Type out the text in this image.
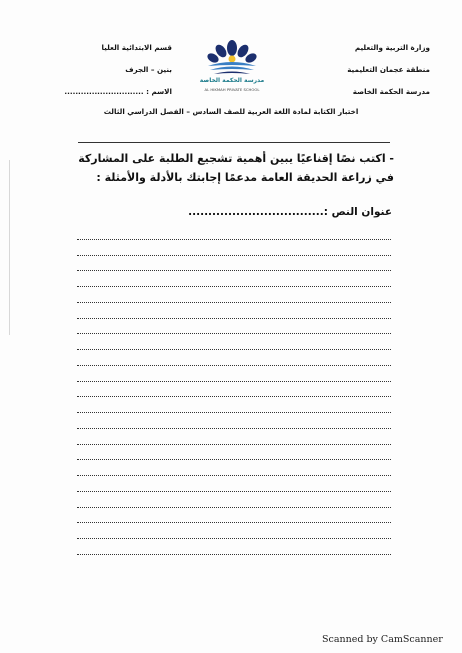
وزارة التربية والتعليم
منطقة عجمان التعليمية
مدرسة الحكمة الخاصة
مدرسة الحكمة الخاصة
AL HIKMAH PRIVATE SCHOOL
قسم الابتدائية العليا
بنين – الجرف
الاسم : .............................
اختبار الكتابة لمادة اللغة العربية للصف السادس – الفصل الدراسي الثالث
- اكتب نصًا إقناعيًا يبين أهمية تشجيع الطلبة على المشاركة في زراعة الحديقة العامة مدعمًا إجابتك بالأدلة والأمثلة :
عنوان النص :..................................
Scanned by CamScanner
